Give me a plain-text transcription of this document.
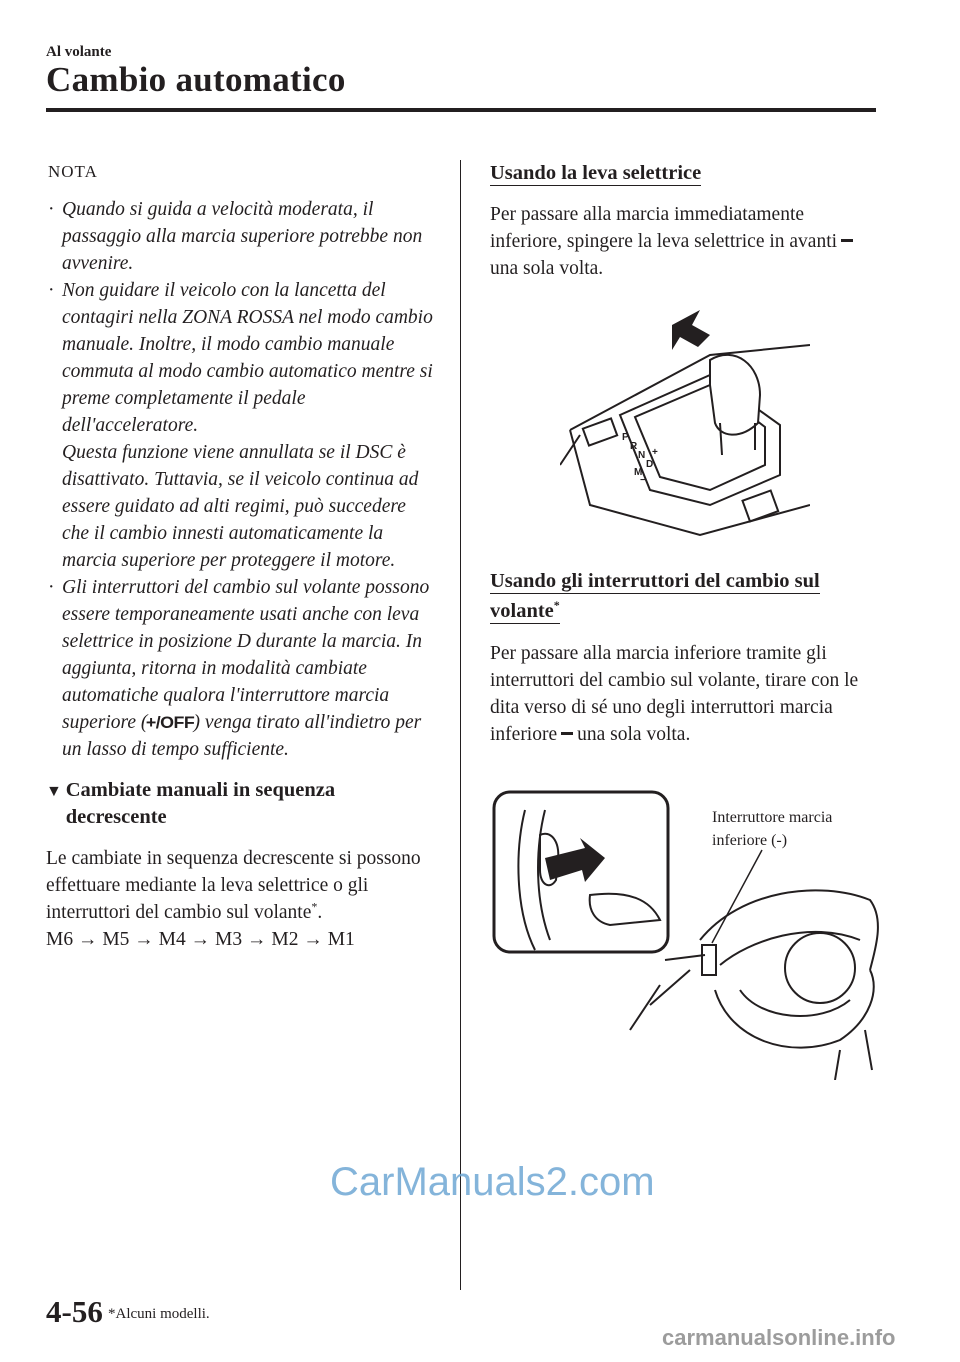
Al volante
Cambio automatico
NOTA
· Quando si guida a velocità moderata, il passaggio alla marcia superiore potrebbe non avvenire.
· Non guidare il veicolo con la lancetta del contagiri nella ZONA ROSSA nel modo cambio manuale. Inoltre, il modo cambio manuale commuta al modo cambio automatico mentre si preme completamente il pedale dell'acceleratore.
Questa funzione viene annullata se il DSC è disattivato. Tuttavia, se il veicolo continua ad essere guidato ad alti regimi, può succedere che il cambio innesti automaticamente la marcia superiore per proteggere il motore.
· Gli interruttori del cambio sul volante possono essere temporaneamente usati anche con leva selettrice in posizione D durante la marcia. In aggiunta, ritorna in modalità cambiate automatiche qualora l'interruttore marcia superiore (+/OFF) venga tirato all'indietro per un lasso di tempo sufficiente.
▼ Cambiate manuali in sequenza decrescente
Le cambiate in sequenza decrescente si possono effettuare mediante la leva selettrice o gli interruttori del cambio sul volante*.
M6 → M5 → M4 → M3 → M2 → M1
Usando la leva selettrice
Per passare alla marcia immediatamente inferiore, spingere la leva selettrice in avantiuna sola volta.
Usando gli interruttori del cambio sul volante*
Per passare alla marcia inferiore tramite gli interruttori del cambio sul volante, tirare con le dita verso di sé uno degli interruttori marcia inferiore una sola volta.
P
R
N
D
M
+
−
Interruttore marcia
inferiore (-)
4-56 *Alcuni modelli.
CarManuals2.com
carmanualsonline.info
